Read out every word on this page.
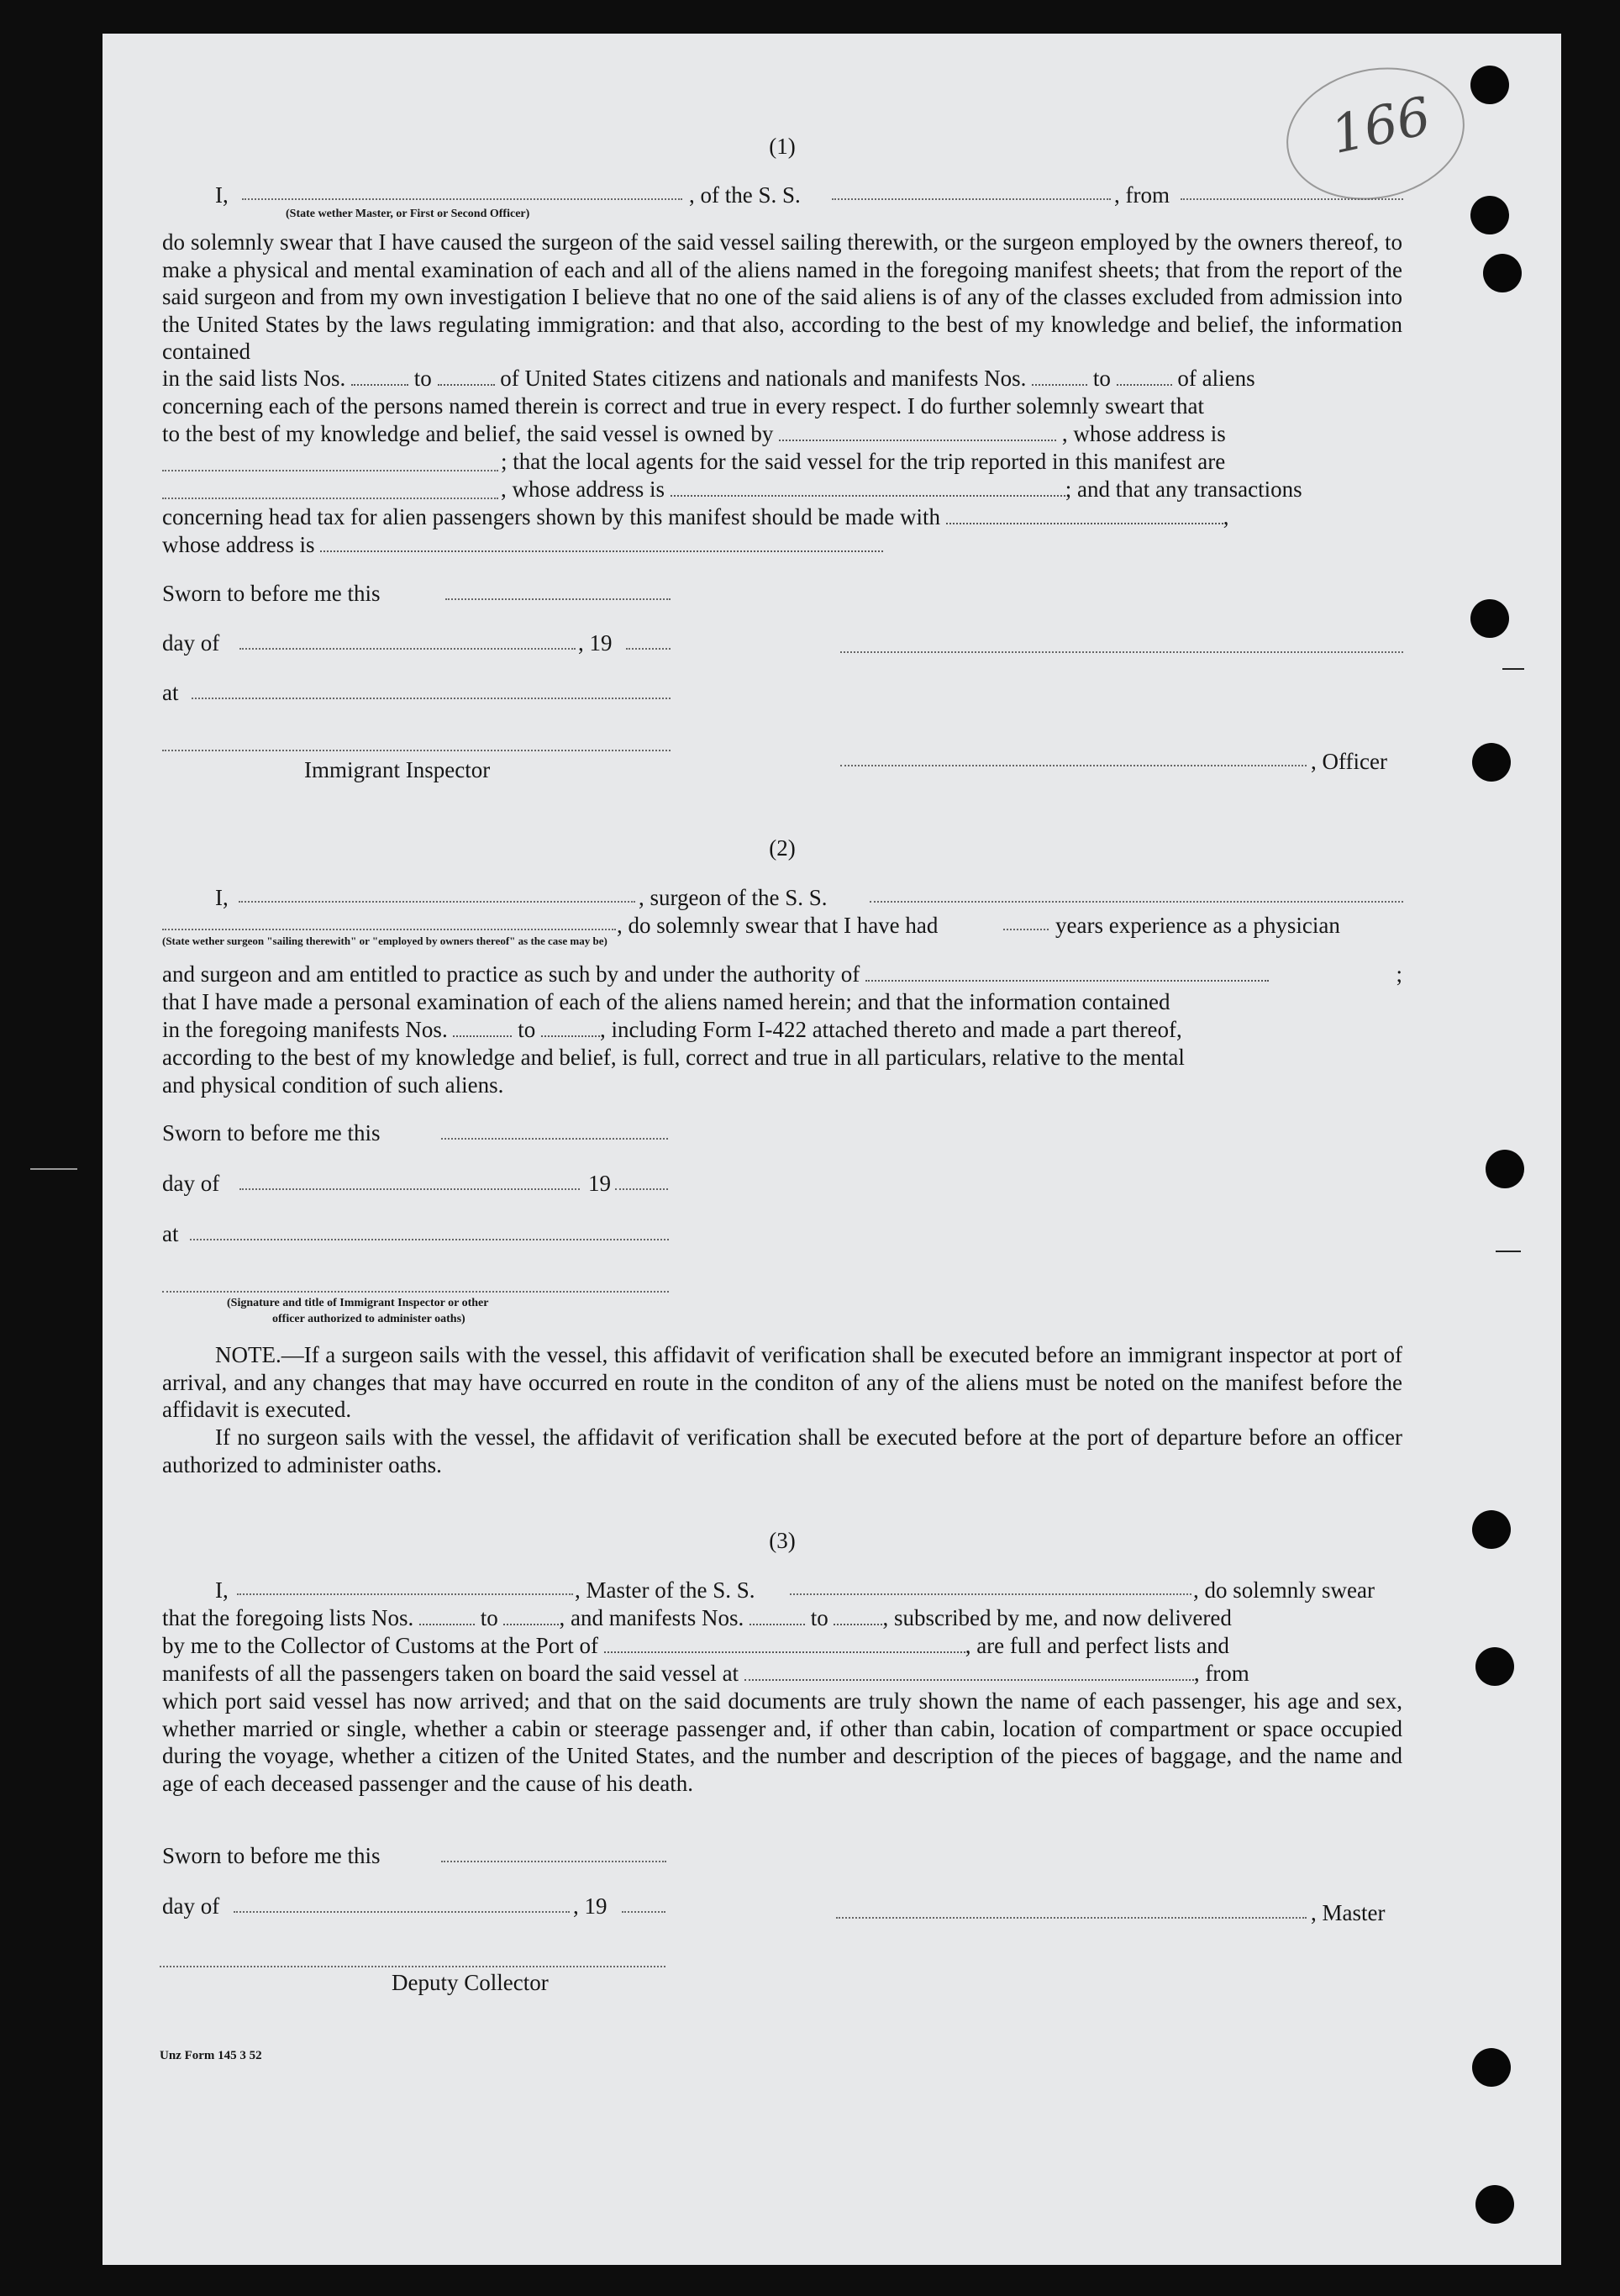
166
(1)
I,
(State wether Master, or First or Second Officer)
, of the S. S.	, from
do solemnly swear that I have caused the surgeon of the said vessel sailing therewith, or the surgeon employed by the owners thereof, to make a physical and mental examination of each and all of the aliens named in the foregoing manifest sheets; that from the report of the said surgeon and from my own investigation I believe that no one of the said aliens is of any of the classes excluded from admission into the United States by the laws regulating immigration: and that also, according to the best of my knowledge and belief, the information contained
in the said lists Nos.	to	of United States citizens and nationals and manifests Nos.	to	of aliens
concerning each of the persons named therein is correct and true in every respect. I do further solemnly sweart that
to the best of my knowledge and belief, the said vessel is owned by	, whose address is
; that the local agents for the said vessel for the trip reported in this manifest are
, whose address is	; and that any transactions
concerning head tax for alien passengers shown by this manifest should be made with	,
whose address is
Sworn to before me this
day of	, 19
at
Immigrant Inspector	, Officer
(2)
I,	, surgeon of the S. S.
, do solemnly swear that I have had	years experience as a physician
(State wether surgeon "sailing therewith" or "employed by owners thereof" as the case may be)
and surgeon and am entitled to practice as such by and under the authority of	;
that I have made a personal examination of each of the aliens named herein; and that the information contained
in the foregoing manifests Nos.	to	, including Form I-422 attached thereto and made a part thereof,
according to the best of my knowledge and belief, is full, correct and true in all particulars, relative to the mental
and physical condition of such aliens.
Sworn to before me this
day of	19
at
(Signature and title of Immigrant Inspector or other
officer authorized to administer oaths)
NOTE.—If a surgeon sails with the vessel, this affidavit of verification shall be executed before an immigrant inspector at port of arrival, and any changes that may have occurred en route in the conditon of any of the aliens must be noted on the manifest before the affidavit is executed.
If no surgeon sails with the vessel, the affidavit of verification shall be executed before at the port of departure before an officer authorized to administer oaths.
(3)
I,	, Master of the S. S.	, do solemnly swear
that the foregoing lists Nos.	to	, and manifests Nos.	to , subscribed by me, and now delivered
by me to the Collector of Customs at the Port of	, are full and perfect lists and
manifests of all the passengers taken on board the said vessel at	, from
which port said vessel has now arrived; and that on the said documents are truly shown the name of each passenger, his age and sex, whether married or single, whether a cabin or steerage passenger and, if other than cabin, location of compartment or space occupied during the voyage, whether a citizen of the United States, and the number and description of the pieces of baggage, and the name and age of each deceased passenger and the cause of his death.
Sworn to before me this
day of	, 19	, Master
Deputy Collector
Unz Form 145 3 52
